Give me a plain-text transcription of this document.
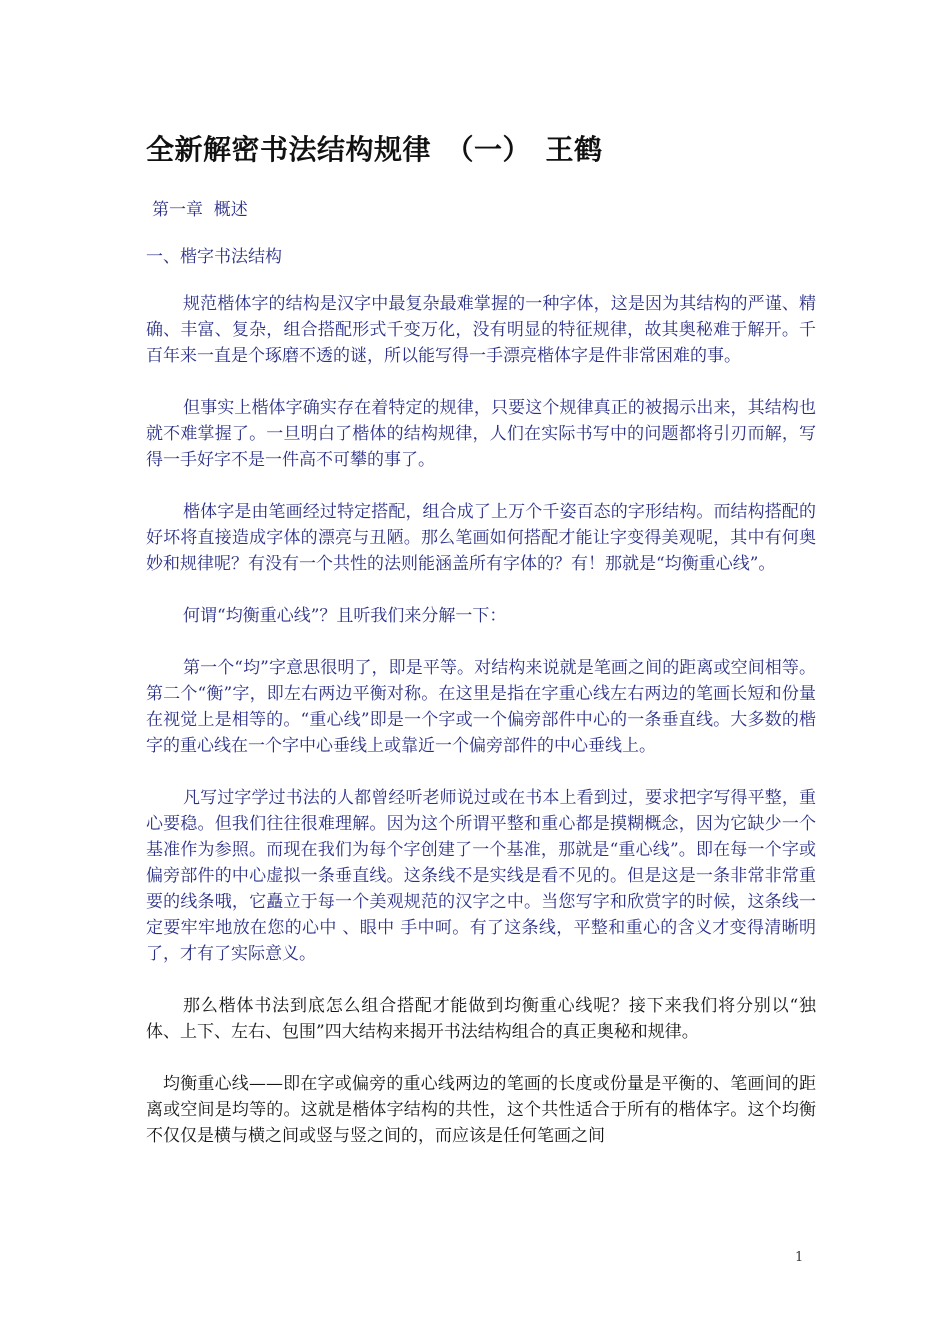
全新解密书法结构规律　（一）　王鹤

第一章  概述

一、楷字书法结构

规范楷体字的结构是汉字中最复杂最难掌握的一种字体，这是因为其结构的严谨、精确、丰富、复杂，组合搭配形式千变万化，没有明显的特征规律，故其奥秘难于解开。千百年来一直是个琢磨不透的谜，所以能写得一手漂亮楷体字是件非常困难的事。

但事实上楷体字确实存在着特定的规律，只要这个规律真正的被揭示出来，其结构也就不难掌握了。一旦明白了楷体的结构规律，人们在实际书写中的问题都将引刃而解，写得一手好字不是一件高不可攀的事了。

楷体字是由笔画经过特定搭配，组合成了上万个千姿百态的字形结构。而结构搭配的好坏将直接造成字体的漂亮与丑陋。那么笔画如何搭配才能让字变得美观呢，其中有何奥妙和规律呢？有没有一个共性的法则能涵盖所有字体的？有！那就是“均衡重心线”。

何谓“均衡重心线”？且听我们来分解一下：

第一个“均”字意思很明了，即是平等。对结构来说就是笔画之间的距离或空间相等。第二个“衡”字，即左右两边平衡对称。在这里是指在字重心线左右两边的笔画长短和份量在视觉上是相等的。“重心线”即是一个字或一个偏旁部件中心的一条垂直线。大多数的楷字的重心线在一个字中心垂线上或靠近一个偏旁部件的中心垂线上。

凡写过字学过书法的人都曾经听老师说过或在书本上看到过，要求把字写得平整，重心要稳。但我们往往很难理解。因为这个所谓平整和重心都是摸糊概念，因为它缺少一个基准作为参照。而现在我们为每个字创建了一个基准，那就是“重心线”。即在每一个字或偏旁部件的中心虚拟一条垂直线。这条线不是实线是看不见的。但是这是一条非常非常重要的线条哦，它矗立于每一个美观规范的汉字之中。当您写字和欣赏字的时候，这条线一定要牢牢地放在您的心中 、眼中 手中呵。有了这条线，平整和重心的含义才变得清晰明了，才有了实际意义。

那么楷体书法到底怎么组合搭配才能做到均衡重心线呢？接下来我们将分别以“独体、上下、左右、包围”四大结构来揭开书法结构组合的真正奥秘和规律。

均衡重心线——即在字或偏旁的重心线两边的笔画的长度或份量是平衡的、笔画间的距离或空间是均等的。这就是楷体字结构的共性，这个共性适合于所有的楷体字。这个均衡不仅仅是横与横之间或竖与竖之间的，而应该是任何笔画之间

1
